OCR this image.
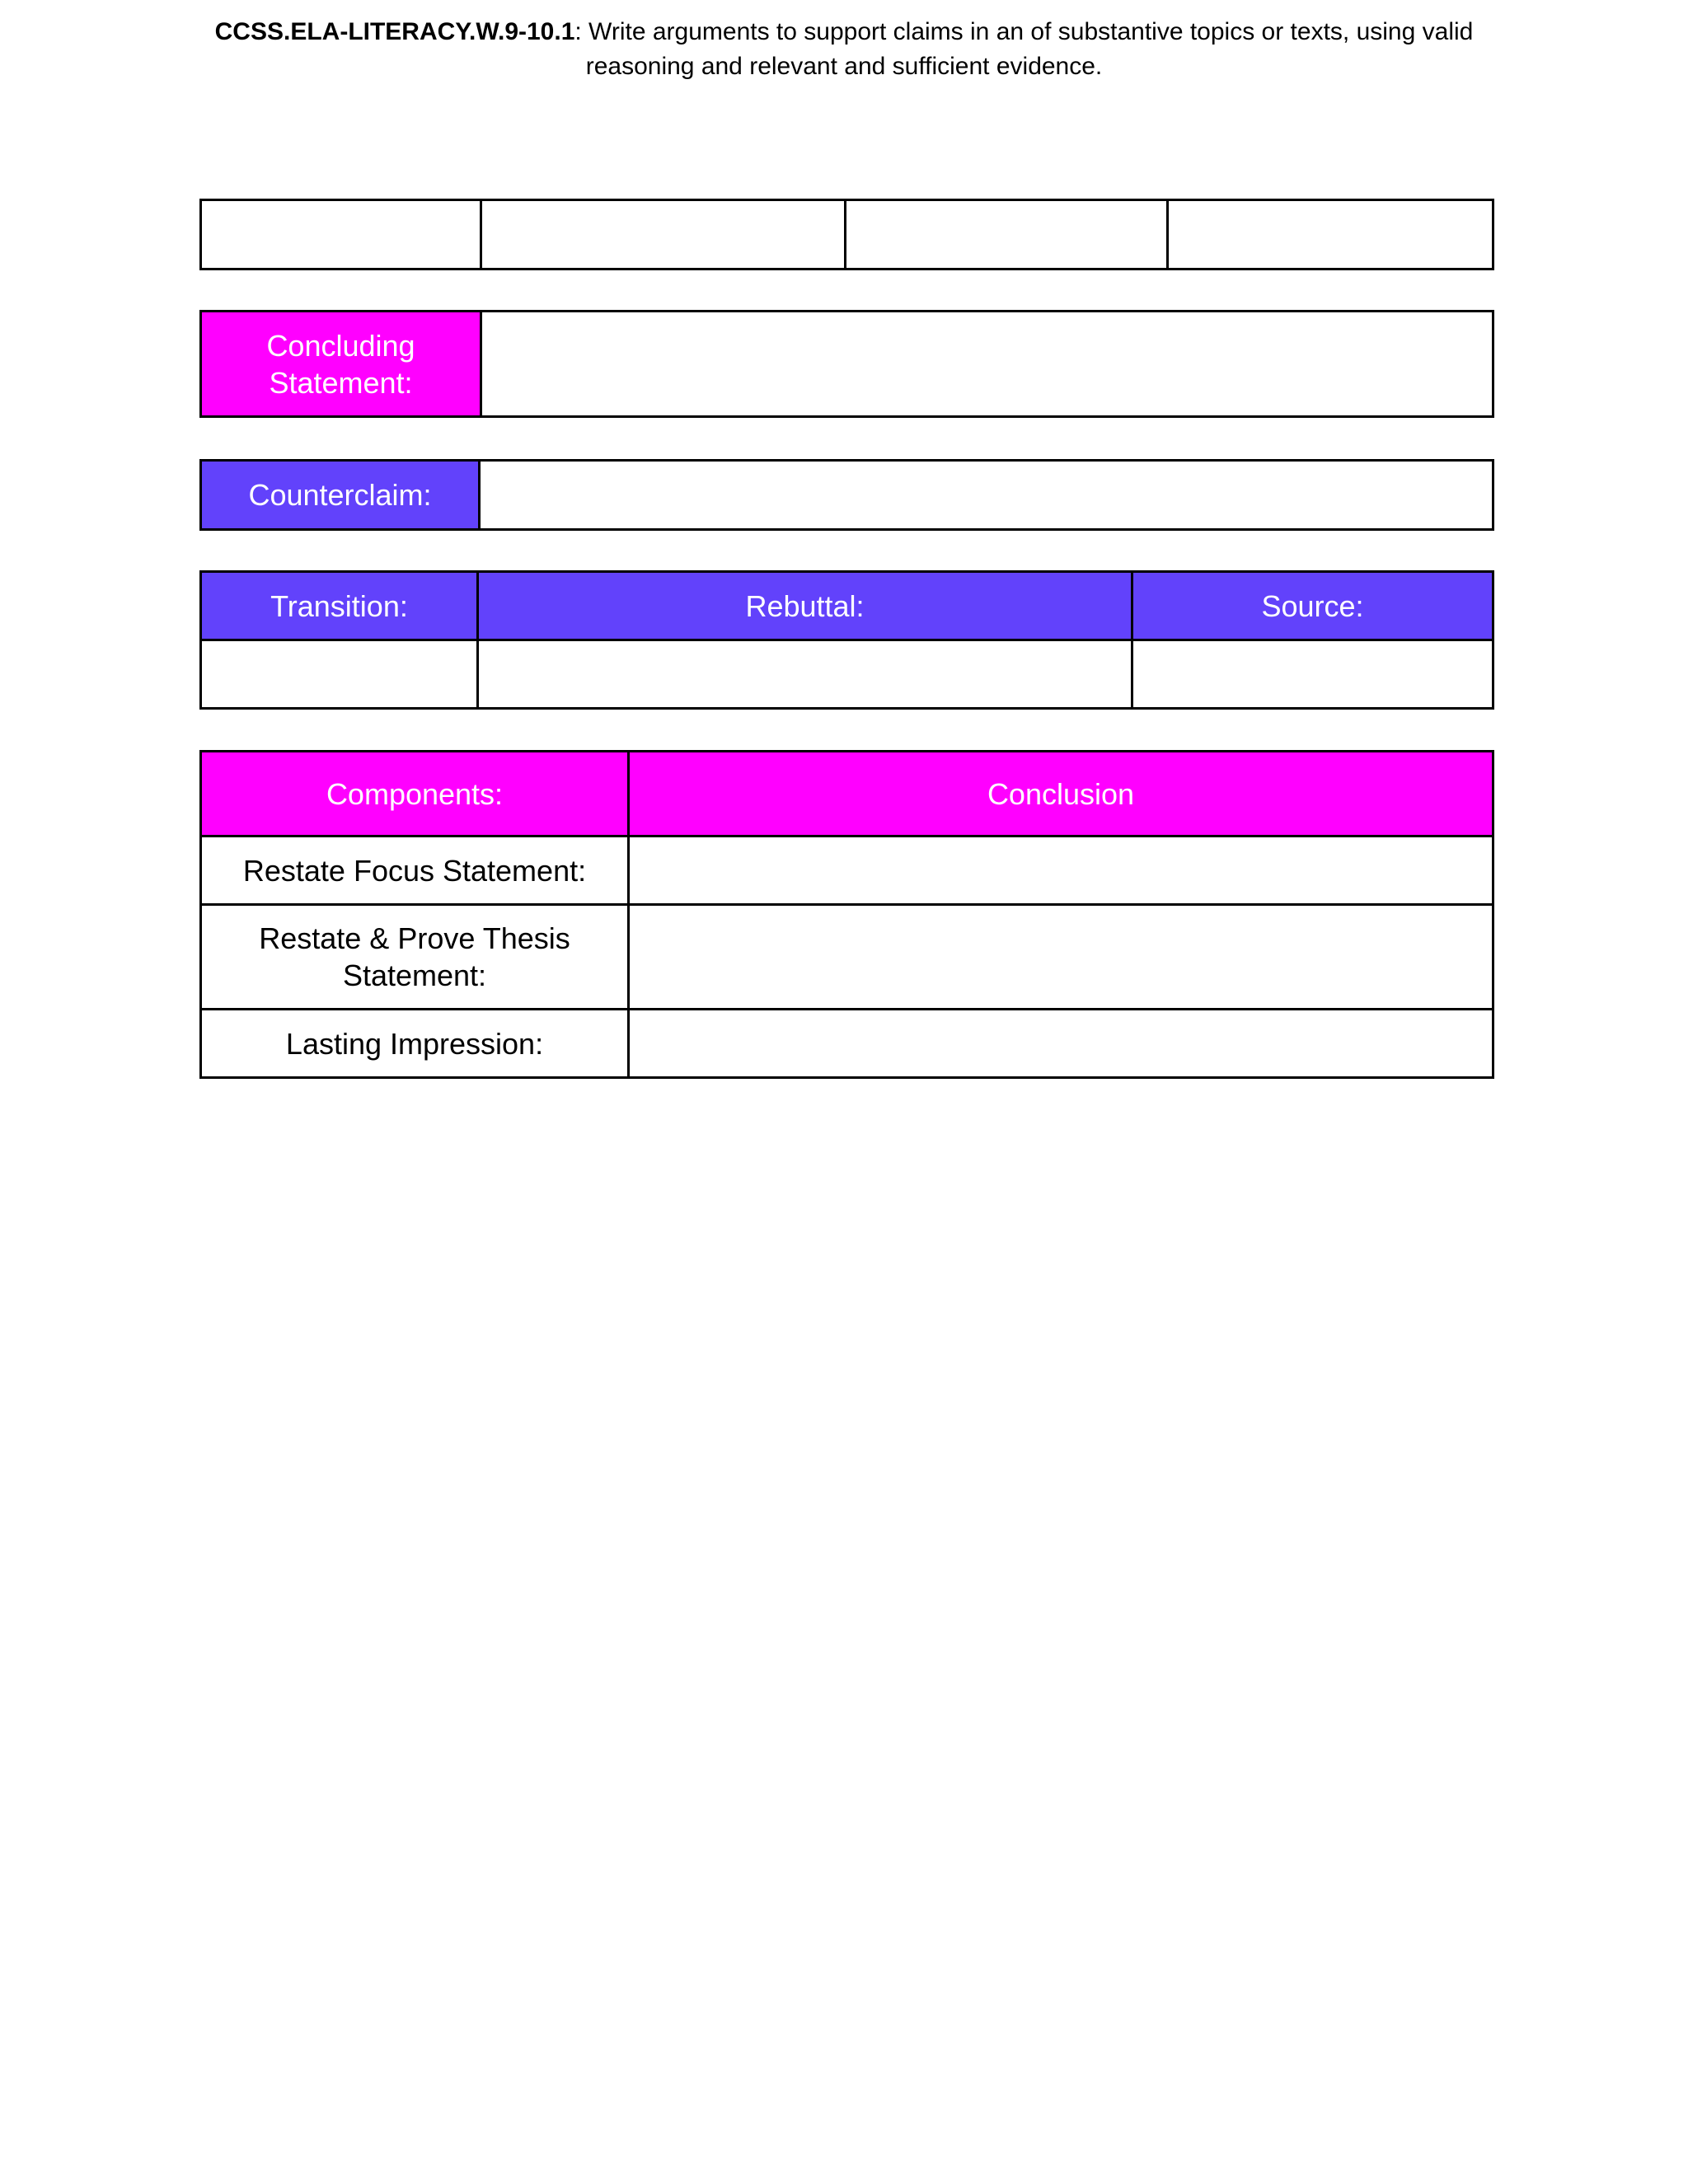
CCSS.ELA-LITERACY.W.9-10.1: Write arguments to support claims in an of substantive topics or texts, using valid reasoning and relevant and sufficient evidence.

Concluding Statement:	
Counterclaim:	
Transition:	Rebuttal:	Source:

Components:	Conclusion
Restate Focus Statement:	
Restate & Prove Thesis Statement:	
Lasting Impression:	
